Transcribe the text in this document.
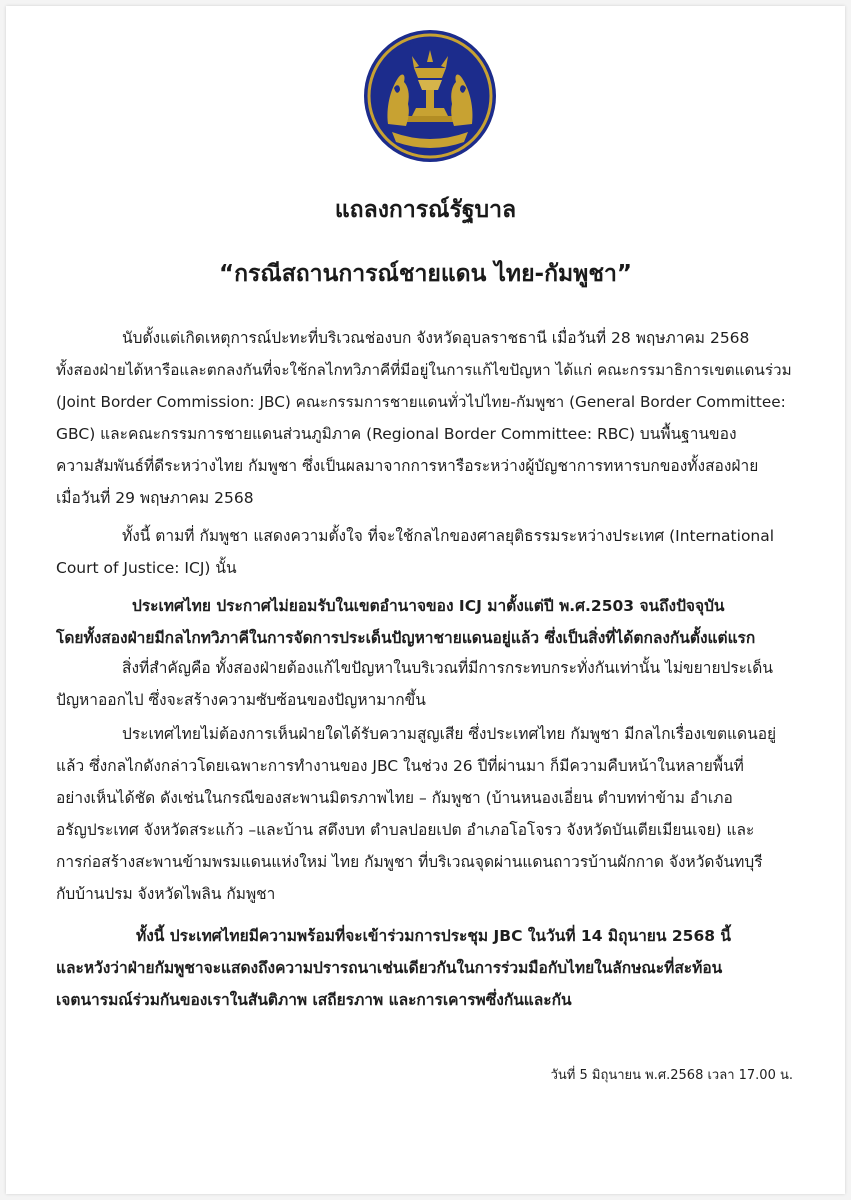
แถลงการณ์รัฐบาล
“กรณีสถานการณ์ชายแดน ไทย-กัมพูชา”
นับตั้งแต่เกิดเหตุการณ์ปะทะที่บริเวณช่องบก จังหวัดอุบลราชธานี เมื่อวันที่ 28 พฤษภาคม 2568
ทั้งสองฝ่ายได้หารือและตกลงกันที่จะใช้กลไกทวิภาคีที่มีอยู่ในการแก้ไขปัญหา ได้แก่ คณะกรรมาธิการเขตแดนร่วม
(Joint Border Commission: JBC) คณะกรรมการชายแดนทั่วไปไทย-กัมพูชา (General Border Committee:
GBC) และคณะกรรมการชายแดนส่วนภูมิภาค (Regional Border Committee: RBC) บนพื้นฐานของ
ความสัมพันธ์ที่ดีระหว่างไทย กัมพูชา ซึ่งเป็นผลมาจากการหารือระหว่างผู้บัญชาการทหารบกของทั้งสองฝ่าย
เมื่อวันที่ 29 พฤษภาคม 2568
ทั้งนี้ ตามที่ กัมพูชา แสดงความตั้งใจ ที่จะใช้กลไกของศาลยุติธรรมระหว่างประเทศ (International
Court of Justice: ICJ) นั้น
ประเทศไทย ประกาศไม่ยอมรับในเขตอำนาจของ ICJ มาตั้งแต่ปี พ.ศ.2503 จนถึงปัจจุบัน
โดยทั้งสองฝ่ายมีกลไกทวิภาคีในการจัดการประเด็นปัญหาชายแดนอยู่แล้ว ซึ่งเป็นสิ่งที่ได้ตกลงกันตั้งแต่แรก
สิ่งที่สำคัญคือ ทั้งสองฝ่ายต้องแก้ไขปัญหาในบริเวณที่มีการกระทบกระทั่งกันเท่านั้น ไม่ขยายประเด็น
ปัญหาออกไป ซึ่งจะสร้างความซับซ้อนของปัญหามากขึ้น
ประเทศไทยไม่ต้องการเห็นฝ่ายใดได้รับความสูญเสีย ซึ่งประเทศไทย กัมพูชา มีกลไกเรื่องเขตแดนอยู่
แล้ว ซึ่งกลไกดังกล่าวโดยเฉพาะการทำงานของ JBC ในช่วง 26 ปีที่ผ่านมา ก็มีความคืบหน้าในหลายพื้นที่
อย่างเห็นได้ชัด ดังเช่นในกรณีของสะพานมิตรภาพไทย – กัมพูชา (บ้านหนองเอี่ยน ตำบทท่าข้าม อำเภอ
อรัญประเทศ จังหวัดสระแก้ว –และบ้าน สตึงบท ตำบลปอยเปต อำเภอโอโจรว จังหวัดบันเตียเมียนเจย) และ
การก่อสร้างสะพานข้ามพรมแดนแห่งใหม่ ไทย กัมพูชา ที่บริเวณจุดผ่านแดนถาวรบ้านผักกาด จังหวัดจันทบุรี
กับบ้านปรม จังหวัดไพลิน กัมพูชา
ทั้งนี้ ประเทศไทยมีความพร้อมที่จะเข้าร่วมการประชุม JBC ในวันที่ 14 มิถุนายน 2568 นี้
และหวังว่าฝ่ายกัมพูชาจะแสดงถึงความปรารถนาเช่นเดียวกันในการร่วมมือกับไทยในลักษณะที่สะท้อน
เจตนารมณ์ร่วมกันของเราในสันติภาพ เสถียรภาพ และการเคารพซึ่งกันและกัน
วันที่ 5 มิถุนายน พ.ศ.2568 เวลา 17.00 น.
